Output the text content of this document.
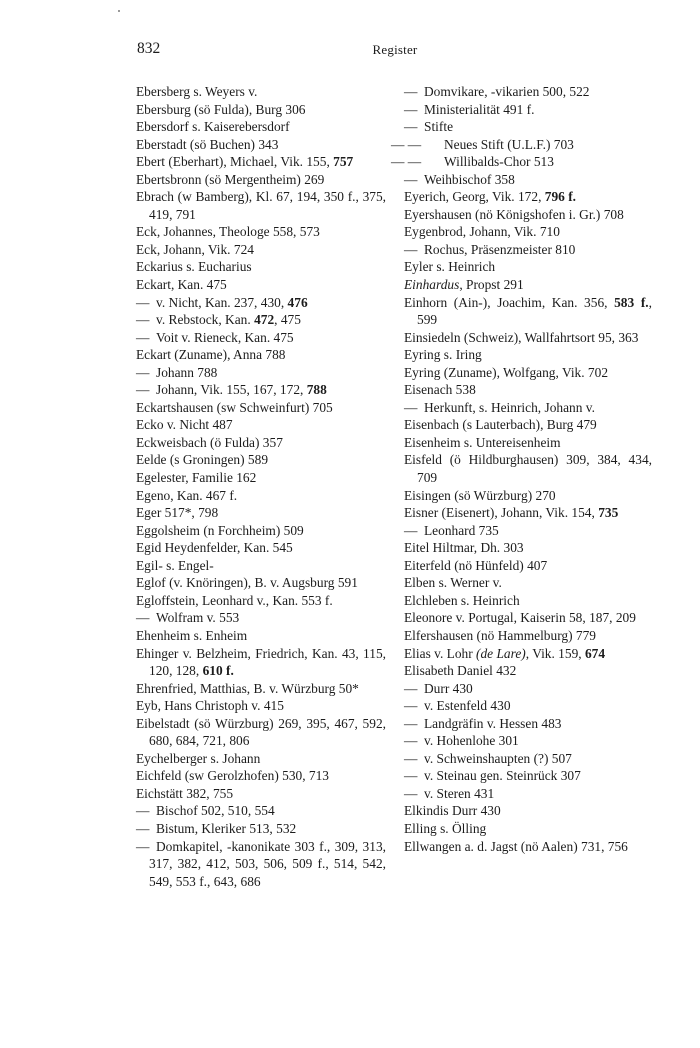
832	Register

Ebersberg s. Weyers v.

Ebersburg (sö Fulda), Burg 306

Ebersdorf s. Kaiserebersdorf

Eberstadt (sö Buchen) 343

Ebert (Eberhart), Michael, Vik. 155, 757

Ebertsbronn (sö Mergentheim) 269

Ebrach (w Bamberg), Kl. 67, 194, 350 f., 375, 419, 791

Eck, Johannes, Theologe 558, 573

Eck, Johann, Vik. 724

Eckarius s. Eucharius

Eckart, Kan. 475

—v. Nicht, Kan. 237, 430, 476

—v. Rebstock, Kan. 472, 475

—Voit v. Rieneck, Kan. 475

Eckart (Zuname), Anna 788

—Johann 788

—Johann, Vik. 155, 167, 172, 788

Eckartshausen (sw Schweinfurt) 705

Ecko v. Nicht 487

Eckweisbach (ö Fulda) 357

Eelde (s Groningen) 589

Egelester, Familie 162

Egeno, Kan. 467 f.

Eger 517*, 798

Eggolsheim (n Forchheim) 509

Egid Heydenfelder, Kan. 545

Egil- s. Engel-

Eglof (v. Knöringen), B. v. Augsburg 591

Egloffstein, Leonhard v., Kan. 553 f.

—Wolfram v. 553

Ehenheim s. Enheim

Ehinger v. Belzheim, Friedrich, Kan. 43, 115, 120, 128, 610 f.

Ehrenfried, Matthias, B. v. Würzburg 50*

Eyb, Hans Christoph v. 415

Eibelstadt (sö Würzburg) 269, 395, 467, 592, 680, 684, 721, 806

Eychelberger s. Johann

Eichfeld (sw Gerolzhofen) 530, 713

Eichstätt 382, 755

—Bischof 502, 510, 554

—Bistum, Kleriker 513, 532

—Domkapitel, -kanonikate 303 f., 309, 313, 317, 382, 412, 503, 506, 509 f., 514, 542, 549, 553 f., 643, 686

—Domvikare, -vikarien 500, 522

—Ministerialität 491 f.

—Stifte

— —Neues Stift (U.L.F.) 703

— —Willibalds-Chor 513

—Weihbischof 358

Eyerich, Georg, Vik. 172, 796 f.

Eyershausen (nö Königshofen i. Gr.) 708

Eygenbrod, Johann, Vik. 710

—Rochus, Präsenzmeister 810

Eyler s. Heinrich

Einhardus, Propst 291

Einhorn (Ain-), Joachim, Kan. 356, 583 f., 599

Einsiedeln (Schweiz), Wallfahrtsort 95, 363

Eyring s. Iring

Eyring (Zuname), Wolfgang, Vik. 702

Eisenach 538

—Herkunft, s. Heinrich, Johann v.

Eisenbach (s Lauterbach), Burg 479

Eisenheim s. Untereisenheim

Eisfeld (ö Hildburghausen) 309, 384, 434, 709

Eisingen (sö Würzburg) 270

Eisner (Eisenert), Johann, Vik. 154, 735

—Leonhard 735

Eitel Hiltmar, Dh. 303

Eiterfeld (nö Hünfeld) 407

Elben s. Werner v.

Elchleben s. Heinrich

Eleonore v. Portugal, Kaiserin 58, 187, 209

Elfershausen (nö Hammelburg) 779

Elias v. Lohr (de Lare), Vik. 159, 674

Elisabeth Daniel 432

—Durr 430

—v. Estenfeld 430

—Landgräfin v. Hessen 483

—v. Hohenlohe 301

—v. Schweinshaupten (?) 507

—v. Steinau gen. Steinrück 307

—v. Steren 431

Elkindis Durr 430

Elling s. Ölling

Ellwangen a. d. Jagst (nö Aalen) 731, 756
